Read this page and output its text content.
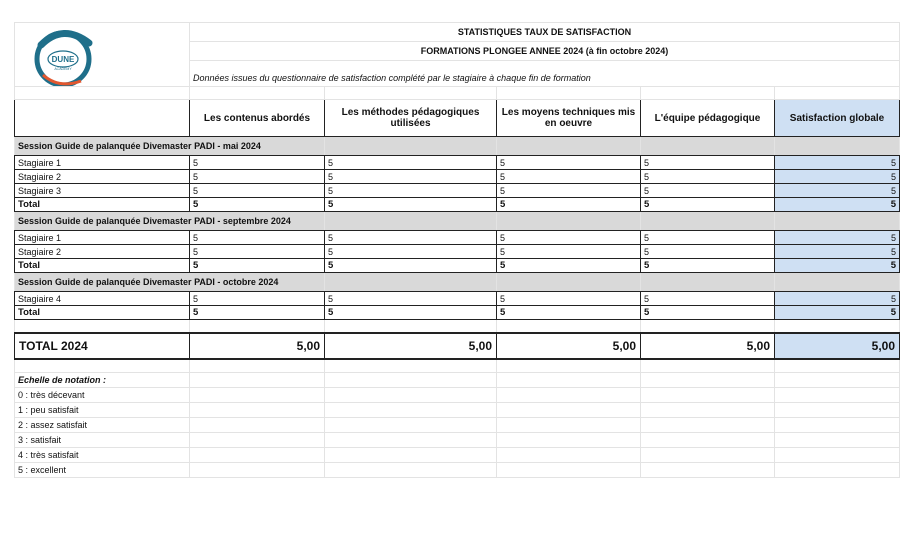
DUNE
ACADEMY	STATISTIQUES TAUX DE SATISFACTION				
	FORMATIONS PLONGEE ANNEE 2024 (à fin octobre 2024)				
	Données issues du questionnaire de satisfaction complété par le stagiaire à chaque fin de formation				

	Les contenus abordés	Les méthodes pédagogiques utilisées	Les moyens techniques mis en oeuvre	L'équipe pédagogique	Satisfaction globale
Session Guide de palanquée Divemaster PADI - mai 2024					
Stagiaire 1	5	5	5	5	5
Stagiaire 2	5	5	5	5	5
Stagiaire 3	5	5	5	5	5
Total	5	5	5	5	5
Session Guide de palanquée Divemaster PADI - septembre 2024					
Stagiaire 1	5	5	5	5	5
Stagiaire 2	5	5	5	5	5
Total	5	5	5	5	5
Session Guide de palanquée Divemaster PADI - octobre 2024					
Stagiaire 4	5	5	5	5	5
Total	5	5	5	5	5

TOTAL 2024	5,00	5,00	5,00	5,00	5,00

Echelle de notation :					
0 : très décevant					
1 : peu satisfait					
2 : assez satisfait					
3 : satisfait					
4 : très satisfait					
5 : excellent					
